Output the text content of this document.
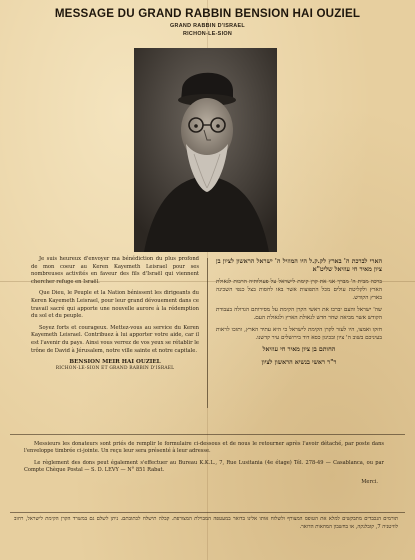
MESSAGE DU GRAND RABBIN BENSION HAI OUZIEL
GRAND RABBIN D'ISRAEL
RICHON-LE-SION

Je suis heureux d'envoyer ma bénédiction du plus profond de mon coeur au Keren Kayemeth Leisrael pour ses nombreuses activités en faveur des fils d'Israël qui viennent chercher refuge en Israël.

Que Dieu, le Peuple et la Nation bénissent les dirigeants du Keren Kayemeth Leisrael, pour leur grand dévouement dans ce travail sacré qui apporte une nouvelle aurore à la rédemption du sol et du peuple.

Soyez forts et courageux. Mettez-vous au service du Keren Kayemeth Leisrael. Contribuez à lui apporter votre aide, car il est l'avenir du pays. Ainsi vous verrez de vos yeux se rétablir le trône de David à Jérusalem, notre ville sainte et notre capitale.

BENSION MEIR HAI OUZIEL
RICHON-LE-SION ET GRAND RABBIN D'ISRAEL

הארי לברכת ה' בארץ לק.ק.ל היו המוזיל ה' ישראל הראשון לציון בן ציון מאיר חי עוזיאל שליט"א

ברכה מבית ה' מברך אני את קרן קימת לישראל על פעולותיה הרבות לגאולת הארץ ולקליטת עולים מכל התפוצות אשר באו לחסות בצל כנפי השכינה בארץ הקודש.

שה' ישראל והעם יברכו את ראשי הקרן הקימת על מסירותם הגדולה בעבודת הקודש אשר מביאה שחר חדש לגאולת הארץ ולגאולת העם.

חזקו ואמצו, היו לעזר לקרן הקימת לישראל כי היא עתיד הארץ, ותזכו לראות בעיניכם בשוב ה' ציון ובכינון כסא דוד בירושלים עיר קדשנו.

החותם בן ציון מאיר חי עוזיאל
ר"ר ראשי בנשיא הראשון לציון

Messieurs les donateurs sont priés de remplir le formulaire ci-dessous et de nous le retourner après l'avoir détaché, par poste dans l'enveloppe timbrée ci-jointe. Un reçu leur sera présenté à leur adresse.

Le règlement des dons peut également s'effectuer au Bureau K.K.L., 7, Rue Lusitania (4e étage) Tél. 278-49 — Casablanca, ou par Compte Chèque Postal — S. D. LEVY — N° 851 Rabat.

Merci.

תורמים הנכבדים מתבקשים למלא את הטופס המצורף ולשלוח אותו אלינו בדואר במעטפה המבוילת המצורפת. קבלה תישלח לכתובתם. ניתן לשלם גם במשרד הקרן הקימת לישראל, רחוב לוזיטניה 7, קזבלנקה, או בחשבון המחאות הדואר.
